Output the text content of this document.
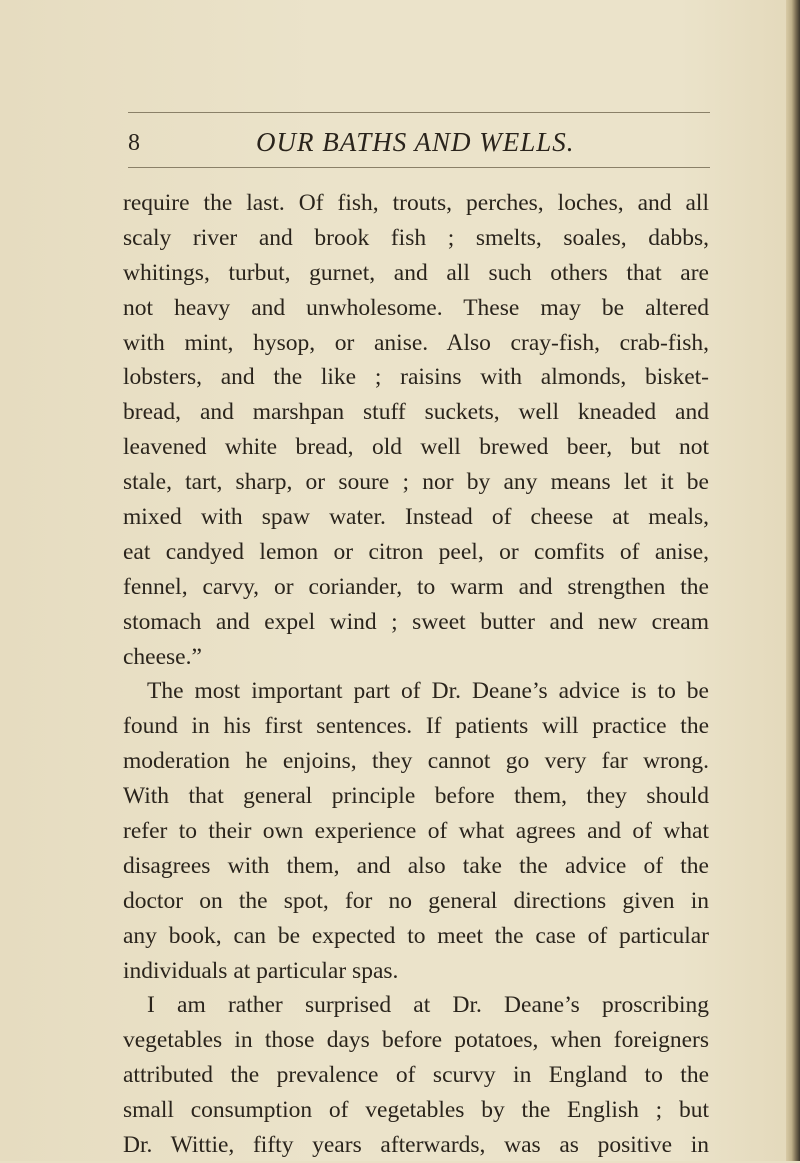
8	OUR BATHS AND WELLS.
require the last. Of fish, trouts, perches, loches, and all
scaly river and brook fish ; smelts, soales, dabbs,
whitings, turbut, gurnet, and all such others that are
not heavy and unwholesome. These may be altered
with mint, hysop, or anise. Also cray-fish, crab-fish,
lobsters, and the like ; raisins with almonds, bisket-
bread, and marshpan stuff suckets, well kneaded and
leavened white bread, old well brewed beer, but not
stale, tart, sharp, or soure ; nor by any means let it be
mixed with spaw water. Instead of cheese at meals,
eat candyed lemon or citron peel, or comfits of anise,
fennel, carvy, or coriander, to warm and strengthen the
stomach and expel wind ; sweet butter and new cream
cheese.”
The most important part of Dr. Deane’s advice is to be
found in his first sentences. If patients will practice the
moderation he enjoins, they cannot go very far wrong.
With that general principle before them, they should
refer to their own experience of what agrees and of what
disagrees with them, and also take the advice of the
doctor on the spot, for no general directions given in
any book, can be expected to meet the case of particular
individuals at particular spas.
I am rather surprised at Dr. Deane’s proscribing
vegetables in those days before potatoes, when foreigners
attributed the prevalence of scurvy in England to the
small consumption of vegetables by the English ; but
Dr. Wittie, fifty years afterwards, was as positive in
